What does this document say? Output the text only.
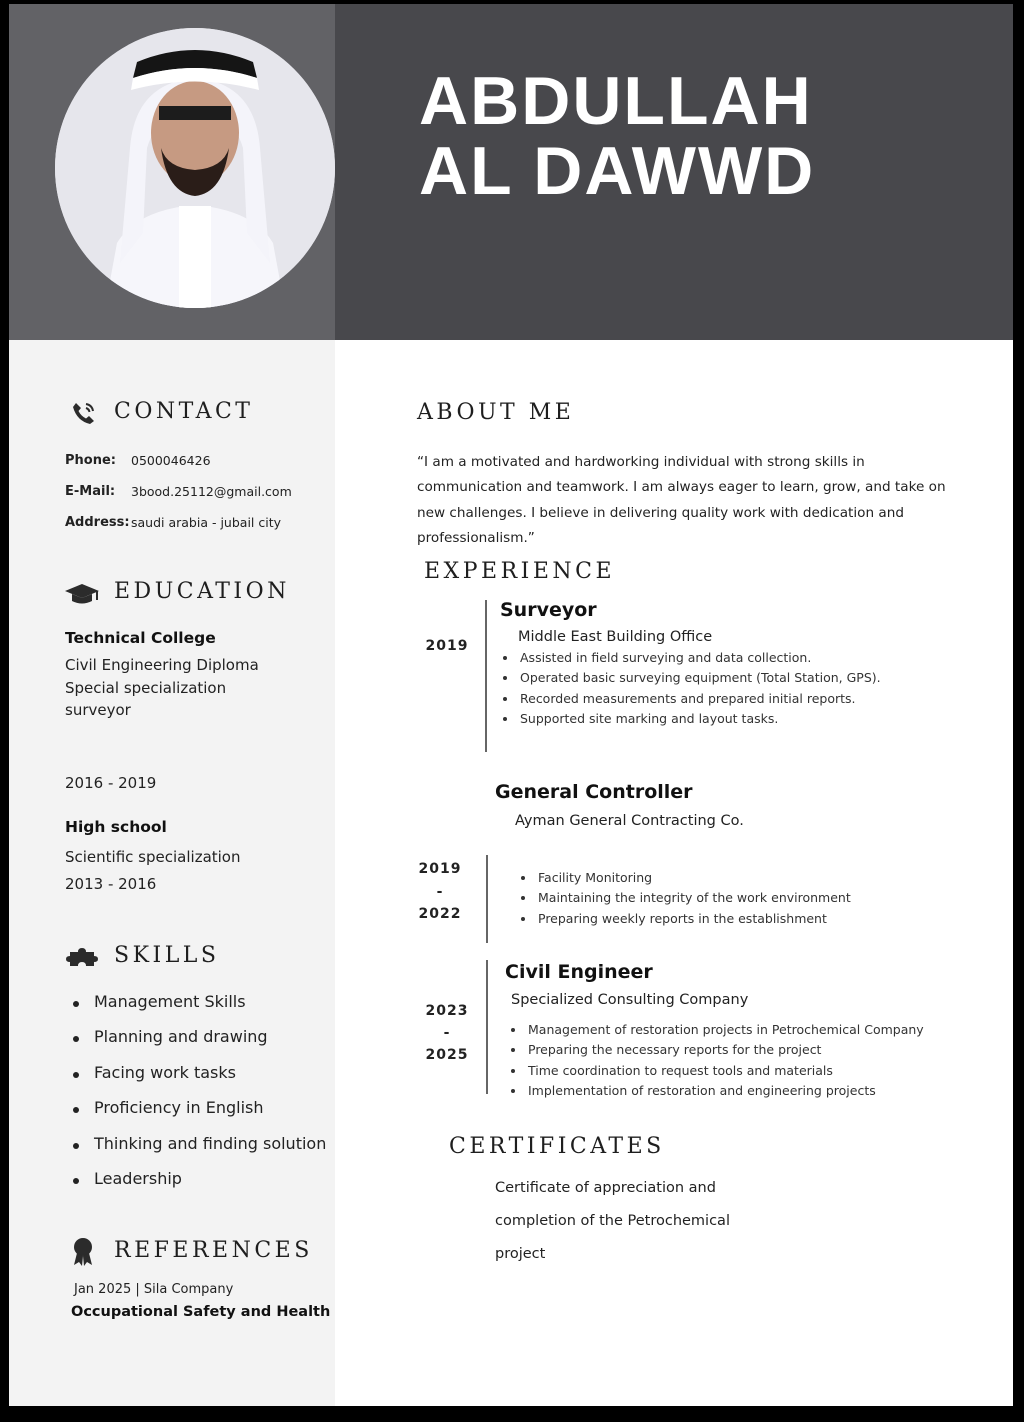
ABDULLAH
AL DAWWD
CONTACT
Phone: 0500046426
E-Mail: 3bood.25112@gmail.com
Address: saudi arabia - jubail city
EDUCATION
Technical College
Civil Engineering Diploma
Special specialization
surveyor
2016 - 2019
High school
Scientific specialization
2013 - 2016
SKILLS
Management Skills
Planning and drawing
Facing work tasks
Proficiency in English
Thinking and finding solution
Leadership
REFERENCES
Jan 2025 | Sila Company
Occupational Safety and Health
ABOUT ME
“I am a motivated and hardworking individual with strong skills in communication and teamwork. I am always eager to learn, grow, and take on new challenges. I believe in delivering quality work with dedication and professionalism.”
EXPERIENCE
2019
Surveyor
Middle East Building Office
Assisted in field surveying and data collection.
Operated basic surveying equipment (Total Station, GPS).
Recorded measurements and prepared initial reports.
Supported site marking and layout tasks.
General Controller
Ayman General Contracting Co.
2019
-
2022
Facility Monitoring
Maintaining the integrity of the work environment
Preparing weekly reports in the establishment
Civil Engineer
Specialized Consulting Company
2023
-
2025
Management of restoration projects in Petrochemical Company
Preparing the necessary reports for the project
Time coordination to request tools and materials
Implementation of restoration and engineering projects
CERTIFICATES
Certificate of appreciation and completion of the Petrochemical project
